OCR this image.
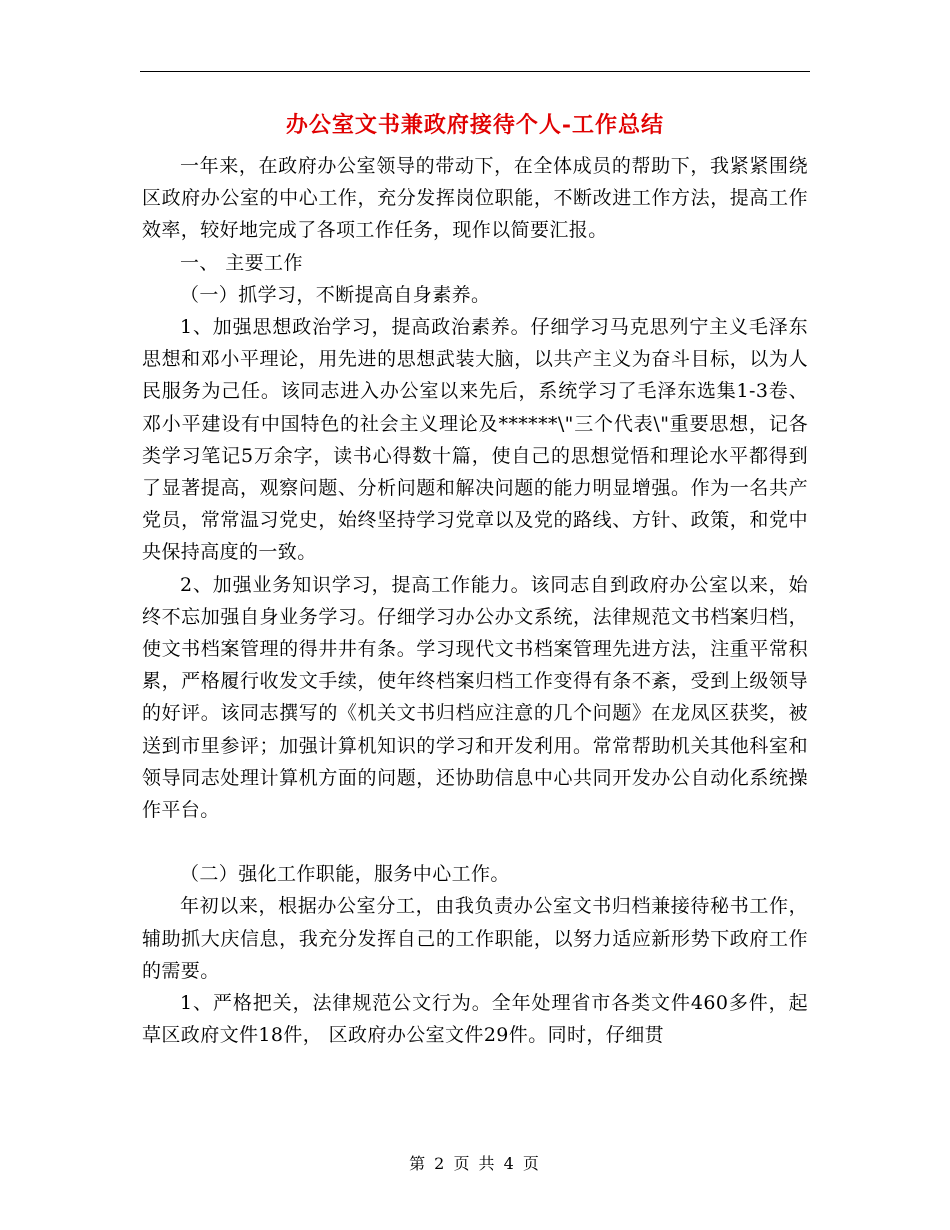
办公室文书兼政府接待个人-工作总结

一年来，在政府办公室领导的带动下，在全体成员的帮助下，我紧紧围绕区政府办公室的中心工作，充分发挥岗位职能，不断改进工作方法，提高工作效率，较好地完成了各项工作任务，现作以简要汇报。

一、 主要工作

（一）抓学习，不断提高自身素养。

1、加强思想政治学习，提高政治素养。仔细学习马克思列宁主义毛泽东思想和邓小平理论，用先进的思想武装大脑，以共产主义为奋斗目标，以为人民服务为己任。该同志进入办公室以来先后，系统学习了毛泽东选集1-3卷、邓小平建设有中国特色的社会主义理论及******\"三个代表\"重要思想，记各类学习笔记5万余字，读书心得数十篇，使自己的思想觉悟和理论水平都得到了显著提高，观察问题、分析问题和解决问题的能力明显增强。作为一名共产党员，常常温习党史，始终坚持学习党章以及党的路线、方针、政策，和党中央保持高度的一致。

2、加强业务知识学习，提高工作能力。该同志自到政府办公室以来，始终不忘加强自身业务学习。仔细学习办公办文系统，法律规范文书档案归档，使文书档案管理的得井井有条。学习现代文书档案管理先进方法，注重平常积累，严格履行收发文手续，使年终档案归档工作变得有条不紊，受到上级领导的好评。该同志撰写的《机关文书归档应注意的几个问题》在龙凤区获奖，被送到市里参评；加强计算机知识的学习和开发利用。常常帮助机关其他科室和领导同志处理计算机方面的问题，还协助信息中心共同开发办公自动化系统操作平台。

（二）强化工作职能，服务中心工作。

年初以来，根据办公室分工，由我负责办公室文书归档兼接待秘书工作，辅助抓大庆信息，我充分发挥自己的工作职能，以努力适应新形势下政府工作的需要。

1、严格把关，法律规范公文行为。全年处理省市各类文件460多件，起草区政府文件18件， 区政府办公室文件29件。同时，仔细贯

第 2 页 共 4 页
